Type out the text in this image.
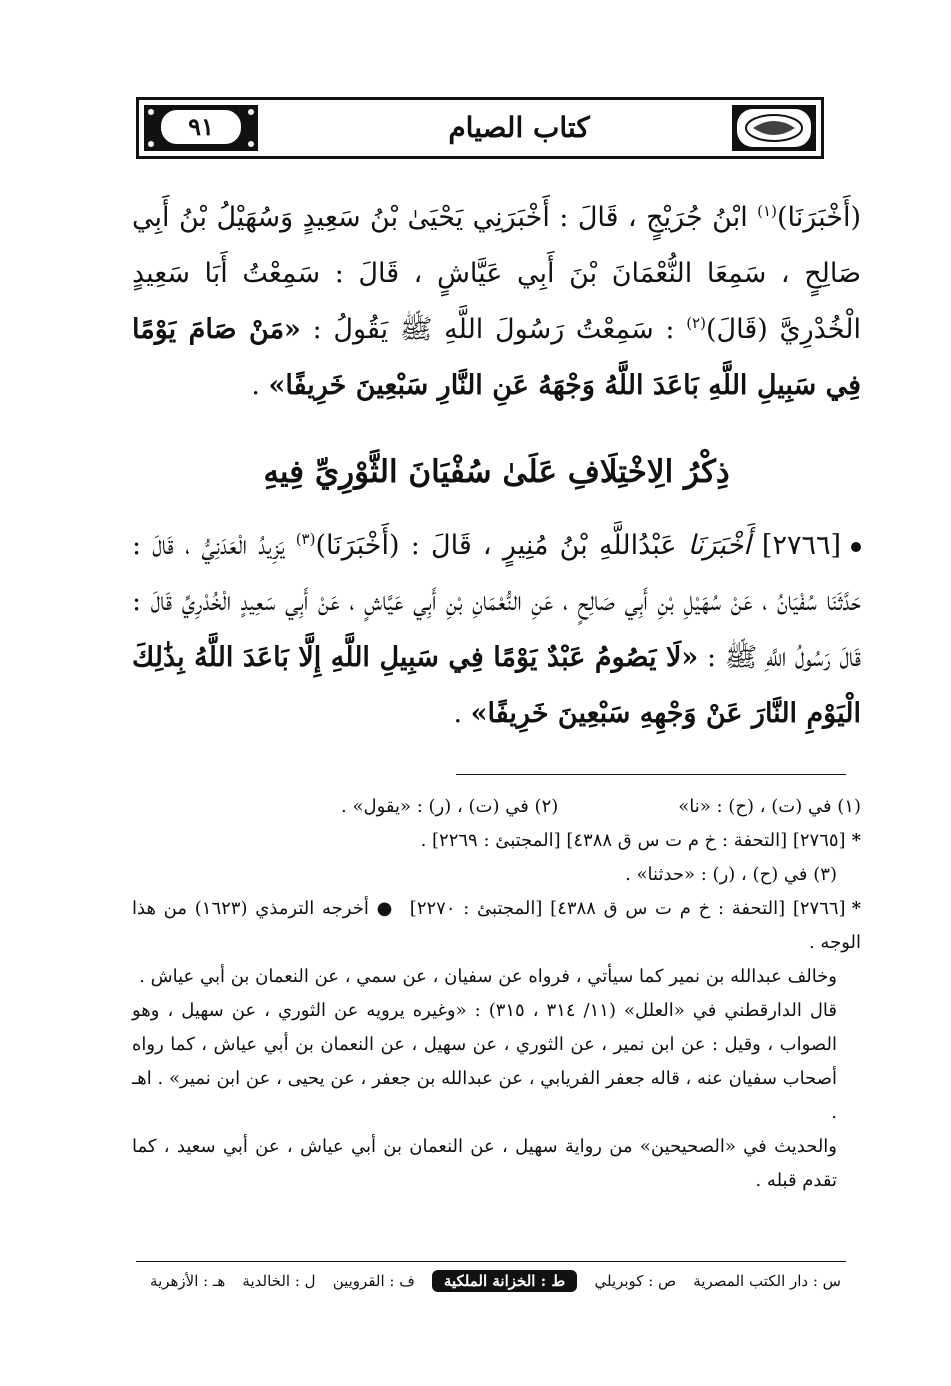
كتاب الصيام
٩١

(أَخْبَرَنَا)$^{(١)}$ ابْنُ جُرَيْجٍ ، قَالَ : أَخْبَرَنِي يَحْيَىٰ بْنُ سَعِيدٍ وَسُهَيْلُ بْنُ أَبِي صَالِحٍ ، سَمِعَا النُّعْمَانَ بْنَ أَبِي عَيَّاشٍ ، قَالَ : سَمِعْتُ أَبَا سَعِيدٍ الْخُدْرِيَّ (قَالَ)$^{(٢)}$ : سَمِعْتُ رَسُولَ اللَّهِ ﷺ يَقُولُ : «مَنْ صَامَ يَوْمًا فِي سَبِيلِ اللَّهِ بَاعَدَ اللَّهُ وَجْهَهُ عَنِ النَّارِ سَبْعِينَ خَرِيفًا» .

ذِكْرُ الِاخْتِلَافِ عَلَىٰ سُفْيَانَ الثَّوْرِيِّ فِيهِ

[٢٧٦٦] أَخْبَرَنَا عَبْدُاللَّهِ بْنُ مُنِيرٍ ، قَالَ : (أَخْبَرَنَا)$^{(٣)}$ يَزِيدُ الْعَدَنِيُّ ، قَالَ : حَدَّثَنَا سُفْيَانُ ، عَنْ سُهَيْلِ بْنِ أَبِي صَالِحٍ ، عَنِ النُّعْمَانِ بْنِ أَبِي عَيَّاشٍ ، عَنْ أَبِي سَعِيدٍ الْخُدْرِيِّ قَالَ : قَالَ رَسُولُ اللَّهِ ﷺ : «لَا يَصُومُ عَبْدٌ يَوْمًا فِي سَبِيلِ اللَّهِ إِلَّا بَاعَدَ اللَّهُ بِذَٰلِكَ الْيَوْمِ النَّارَ عَنْ وَجْهِهِ سَبْعِينَ خَرِيفًا» .

(١) في (ت) ، (ح) : «نا»
(٢) في (ت) ، (ر) : «يقول» .

*[٢٧٦٥] [التحفة : خ م ت س ق ٤٣٨٨] [المجتبئ : ٢٢٦٩] .

(٣) في (ح) ، (ر) : «حدثنا» .

*[٢٧٦٦] [التحفة : خ م ت س ق ٤٣٨٨] [المجتبئ : ٢٢٧٠]  ● أخرجه الترمذي (١٦٢٣) من هذا الوجه .

وخالف عبدالله بن نمير كما سيأتي ، فرواه عن سفيان ، عن سمي ، عن النعمان بن أبي عياش .

قال الدارقطني في «العلل» (١١/ ٣١٤ ، ٣١٥) : «وغيره يرويه عن الثوري ، عن سهيل ، وهو الصواب ، وقيل : عن ابن نمير ، عن الثوري ، عن سهيل ، عن النعمان بن أبي عياش ، كما رواه أصحاب سفيان عنه ، قاله جعفر الفريابي ، عن عبدالله بن جعفر ، عن يحيى ، عن ابن نمير» . اهـ .

والحديث في «الصحيحين» من رواية سهيل ، عن النعمان بن أبي عياش ، عن أبي سعيد ، كما تقدم قبله .

س : دار الكتب المصرية
ص : كوبريلي
ط : الخزانة الملكية
ف : القرويين
ل : الخالدية
هـ : الأزهرية
